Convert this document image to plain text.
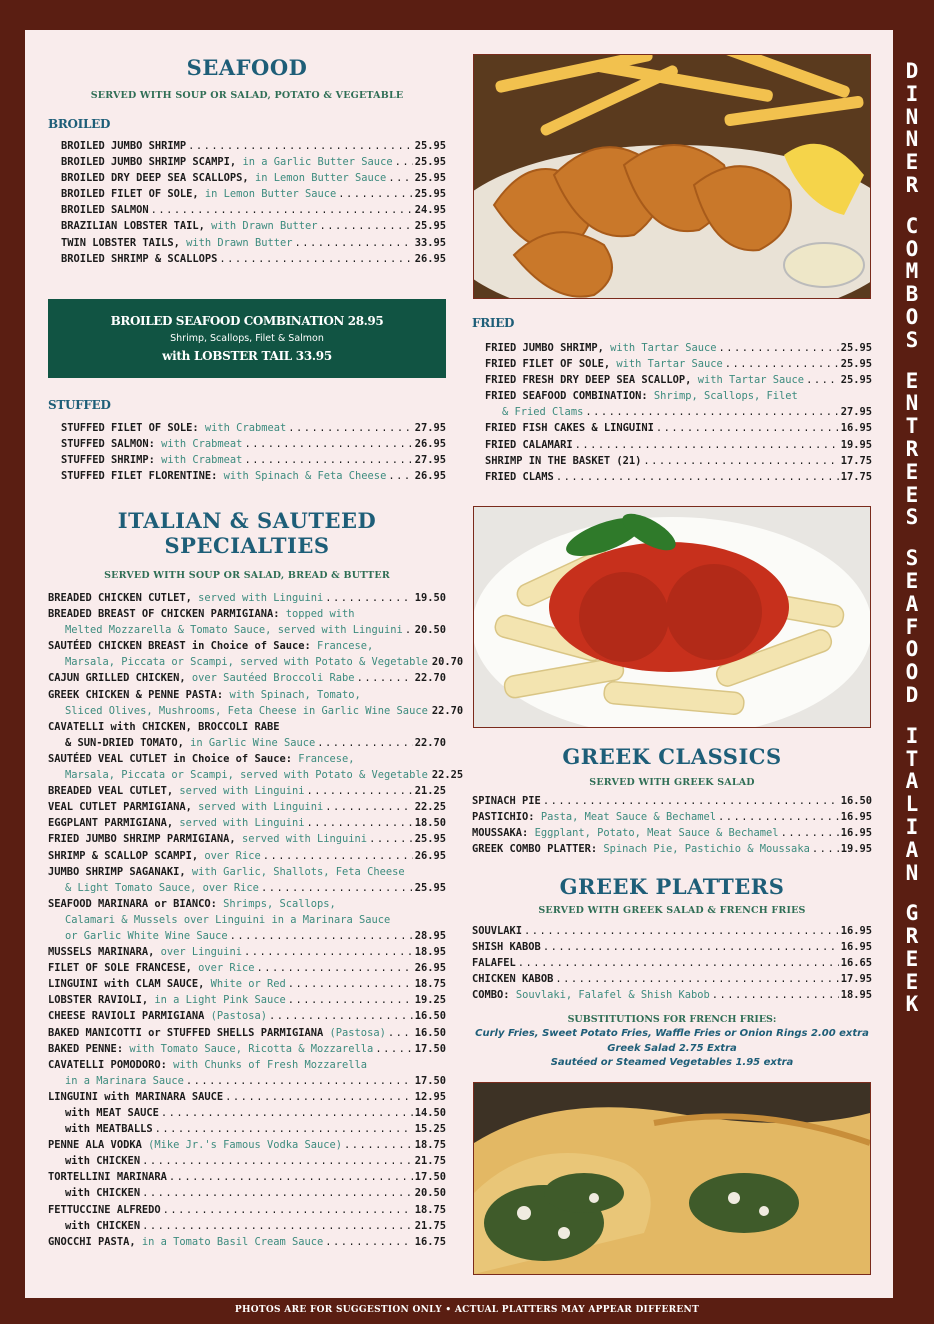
D
I
N
N
E
R
C
O
M
B
O
S
E
N
T
R
E
E
S
S
E
A
F
O
O
D
I
T
A
L
I
A
N
G
R
E
E
K
SEAFOOD
SERVED WITH SOUP OR SALAD, POTATO & VEGETABLE
BROILED
BROILED JUMBO SHRIMP .....	25.95
BROILED JUMBO SHRIMP SCAMPI, in a Garlic Butter Sauce ..... 25.95
BROILED DRY DEEP SEA SCALLOPS, in Lemon Butter Sauce .....	25.95
BROILED FILET OF SOLE, in Lemon Butter Sauce .....	25.95
BROILED SALMON .....	24.95
BRAZILIAN LOBSTER TAIL, with Drawn Butter .....	25.95
TWIN LOBSTER TAILS, with Drawn Butter .....	33.95
BROILED SHRIMP & SCALLOPS .....	26.95
BROILED SEAFOOD COMBINATION 28.95
Shrimp, Scallops, Filet & Salmon
with LOBSTER TAIL 33.95
STUFFED
STUFFED FILET OF SOLE: with Crabmeat .....	27.95
STUFFED SALMON: with Crabmeat .....	26.95
STUFFED SHRIMP: with Crabmeat .....	27.95
STUFFED FILET FLORENTINE: with Spinach & Feta Cheese .....	26.95
ITALIAN & SAUTEED
SPECIALTIES
SERVED WITH SOUP OR SALAD, BREAD & BUTTER
BREADED CHICKEN CUTLET, served with Linguini .....	19.50
BREADED BREAST OF CHICKEN PARMIGIANA: topped with
Melted Mozzarella & Tomato Sauce, served with Linguini ..... 20.50
SAUTÉED CHICKEN BREAST in Choice of Sauce: Francese,
Marsala, Piccata or Scampi, served with Potato & Vegetable 20.70
CAJUN GRILLED CHICKEN, over Sautéed Broccoli Rabe .....	22.70
GREEK CHICKEN & PENNE PASTA: with Spinach, Tomato,
Sliced Olives, Mushrooms, Feta Cheese in Garlic Wine Sauce 22.70
CAVATELLI with CHICKEN, BROCCOLI RABE
& SUN-DRIED TOMATO, in Garlic Wine Sauce .....	22.70
SAUTÉED VEAL CUTLET in Choice of Sauce: Francese,
Marsala, Piccata or Scampi, served with Potato & Vegetable 22.25
BREADED VEAL CUTLET, served with Linguini .....	21.25
VEAL CUTLET PARMIGIANA, served with Linguini .....	22.25
EGGPLANT PARMIGIANA, served with Linguini .....	18.50
FRIED JUMBO SHRIMP PARMIGIANA, served with Linguini .....	25.95
SHRIMP & SCALLOP SCAMPI, over Rice .....	26.95
JUMBO SHRIMP SAGANAKI, with Garlic, Shallots, Feta Cheese
& Light Tomato Sauce, over Rice .....	25.95
SEAFOOD MARINARA or BIANCO: Shrimps, Scallops,
Calamari & Mussels over Linguini in a Marinara Sauce
or Garlic White Wine Sauce .....	28.95
MUSSELS MARINARA, over Linguini .....	18.95
FILET OF SOLE FRANCESE, over Rice .....	26.95
LINGUINI with CLAM SAUCE, White or Red .....	18.75
LOBSTER RAVIOLI, in a Light Pink Sauce .....	19.25
CHEESE RAVIOLI PARMIGIANA (Pastosa) .....	16.50
BAKED MANICOTTI or STUFFED SHELLS PARMIGIANA (Pastosa) .....	16.50
BAKED PENNE: with Tomato Sauce, Ricotta & Mozzarella .....	17.50
CAVATELLI POMODORO: with Chunks of Fresh Mozzarella
in a Marinara Sauce .....	17.50
LINGUINI with MARINARA SAUCE .....	12.95
with MEAT SAUCE .....	14.50
with MEATBALLS .....	15.25
PENNE ALA VODKA (Mike Jr.'s Famous Vodka Sauce) .....	18.75
with CHICKEN .....	21.75
TORTELLINI MARINARA .....	17.50
with CHICKEN .....	20.50
FETTUCCINE ALFREDO .....	18.75
with CHICKEN .....	21.75
GNOCCHI PASTA, in a Tomato Basil Cream Sauce .....	16.75
FRIED
FRIED JUMBO SHRIMP, with Tartar Sauce .....	25.95
FRIED FILET OF SOLE, with Tartar Sauce .....	25.95
FRIED FRESH DRY DEEP SEA SCALLOP, with Tartar Sauce .....	25.95
FRIED SEAFOOD COMBINATION: Shrimp, Scallops, Filet
& Fried Clams .....	27.95
FRIED FISH CAKES & LINGUINI .....	16.95
FRIED CALAMARI .....	19.95
SHRIMP IN THE BASKET (21) .....	17.75
FRIED CLAMS .....	17.75
GREEK CLASSICS
SERVED WITH GREEK SALAD
SPINACH PIE .....	16.50
PASTICHIO: Pasta, Meat Sauce & Bechamel .....	16.95
MOUSSAKA: Eggplant, Potato, Meat Sauce & Bechamel .....	16.95
GREEK COMBO PLATTER: Spinach Pie, Pastichio & Moussaka .....	19.95
GREEK PLATTERS
SERVED WITH GREEK SALAD & FRENCH FRIES
SOUVLAKI .....	16.95
SHISH KABOB .....	16.95
FALAFEL .....	16.65
CHICKEN KABOB .....	17.95
COMBO: Souvlaki, Falafel & Shish Kabob .....	18.95
SUBSTITUTIONS FOR FRENCH FRIES:
Curly Fries, Sweet Potato Fries, Waffle Fries or Onion Rings 2.00 extra
Greek Salad 2.75 Extra
Sautéed or Steamed Vegetables 1.95 extra
PHOTOS ARE FOR SUGGESTION ONLY • ACTUAL PLATTERS MAY APPEAR DIFFERENT
